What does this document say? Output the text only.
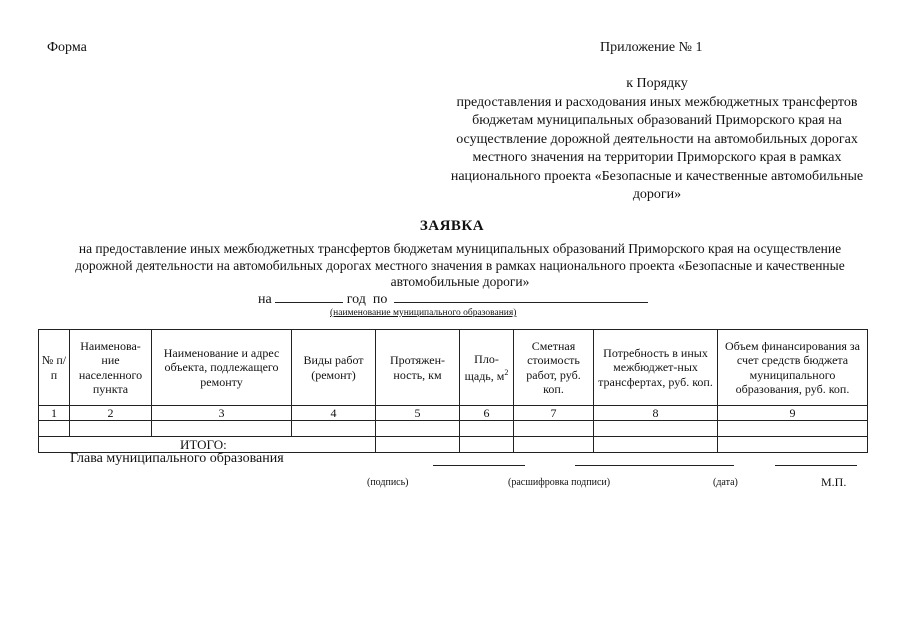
Форма	Приложение № 1
к Порядку
предоставления и расходования иных межбюджетных трансфертов
бюджетам муниципальных образований Приморского края на
осуществление дорожной деятельности на автомобильных дорогах
местного значения на территории Приморского края в рамках
национального проекта «Безопасные и качественные автомобильные
дороги»
ЗАЯВКА
на предоставление иных межбюджетных трансфертов бюджетам муниципальных образований Приморского края на осуществление
дорожной деятельности на автомобильных дорогах местного значения в рамках национального проекта «Безопасные и качественные
автомобильные дороги»
на	год по
(наименование муниципального образования)
№ п/п	Наименова-ние населенного пункта	Наименование и адрес объекта, подлежащего ремонту	Виды работ (ремонт)	Протяжен-ность, км	Пло-щадь, $м^2$	Сметная стоимость работ, руб. коп.	Потребность в иных межбюджет-ных трансфертах, руб. коп.	Объем финансирования за счет средств бюджета муниципального образования, руб. коп.
1	2	3	4	5	6	7	8	9

ИТОГО:								

Глава муниципального образования
(подпись)	(расшифровка подписи)	(дата)	М.П.
